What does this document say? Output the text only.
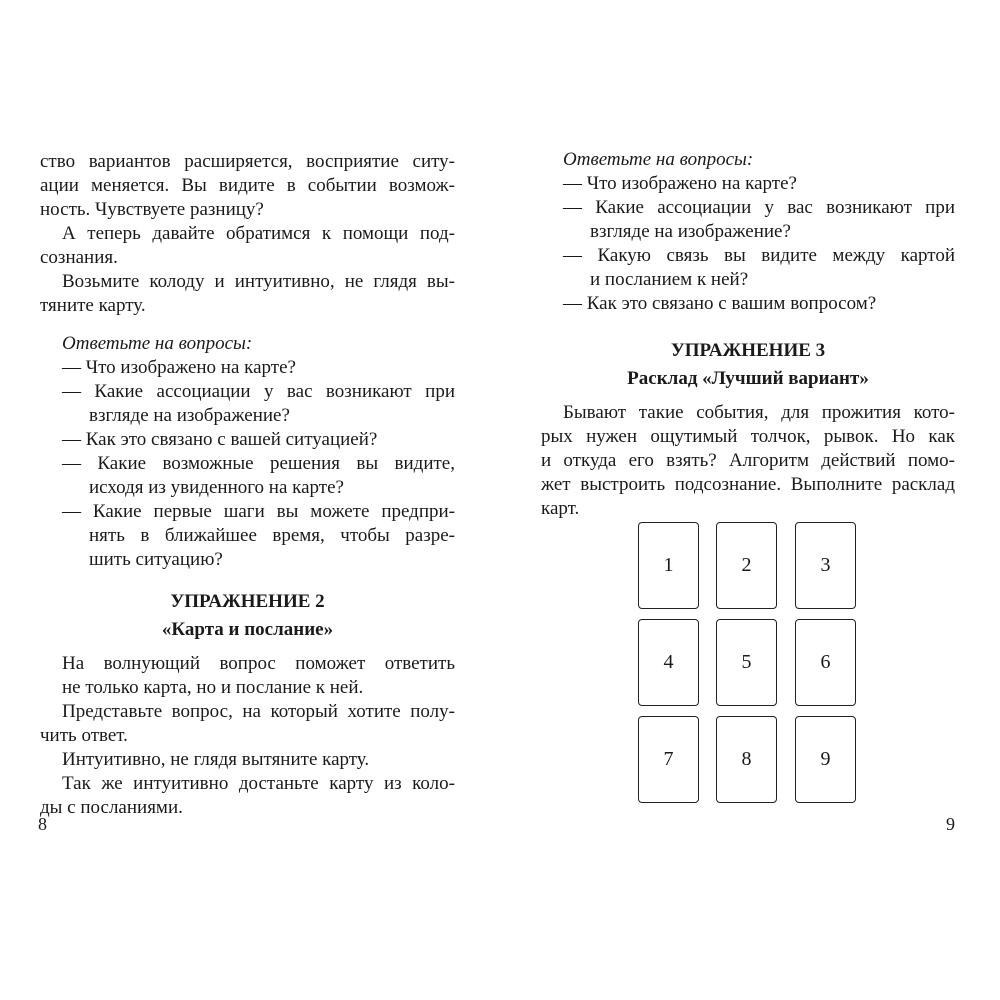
ство вариантов расширяется, восприятие ситу-
ации меняется. Вы видите в событии возмож-
ность. Чувствуете разницу?
А теперь давайте обратимся к помощи под-
сознания.
Возьмите колоду и интуитивно, не глядя вы-
тяните карту.
Ответьте на вопросы:
— Что изображено на карте?
— Какие ассоциации у вас возникают при
взгляде на изображение?
— Как это связано с вашей ситуацией?
— Какие возможные решения вы видите,
исходя из увиденного на карте?
— Какие первые шаги вы можете предпри-
нять в ближайшее время, чтобы разре-
шить ситуацию?
УПРАЖНЕНИЕ 2
«Карта и послание»
На волнующий вопрос поможет ответить
не только карта, но и послание к ней.
Представьте вопрос, на который хотите полу-
чить ответ.
Интуитивно, не глядя вытяните карту.
Так же интуитивно достаньте карту из коло-
ды с посланиями.
8
Ответьте на вопросы:
— Что изображено на карте?
— Какие ассоциации у вас возникают при
взгляде на изображение?
— Какую связь вы видите между картой
и посланием к ней?
— Как это связано с вашим вопросом?
УПРАЖНЕНИЕ 3
Расклад «Лучший вариант»
Бывают такие события, для прожития кото-
рых нужен ощутимый толчок, рывок. Но как
и откуда его взять? Алгоритм действий помо-
жет выстроить подсознание. Выполните расклад
карт.
1	2	3
4	5	6
7	8	9
9
